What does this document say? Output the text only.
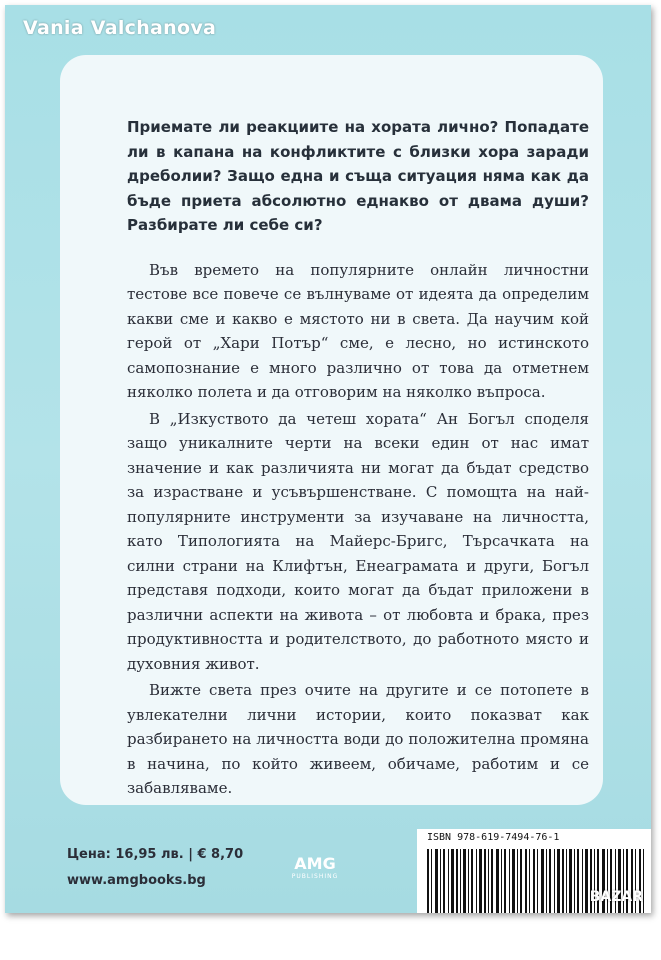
Приемате ли реакциите на хората лично? Попадате ли в капана на конфликтите с близки хора заради дреболии? Защо една и съща ситуация няма как да бъде приета абсолютно еднакво от двама души? Разбирате ли себе си?

Във времето на популярните онлайн личностни тестове все повече се вълнуваме от идеята да определим какви сме и какво е мястото ни в света. Да научим кой герой от „Хари Потър“ сме, е лесно, но истинското самопознание е много различно от това да отметнем няколко полета и да отговорим на няколко въпроса.

В „Изкуството да четеш хората“ Ан Богъл споделя защо уникалните черти на всеки един от нас имат значение и как различията ни могат да бъдат средство за израстване и усъвършенстване. С помощта на най-популярните инструменти за изучаване на личността, като Типологията на Майерс-Бригс, Търсачката на силни страни на Клифтън, Енеаграмата и други, Богъл представя подходи, които могат да бъдат приложени в различни аспекти на живота – от любовта и брака, през продуктивността и родителството, до работното място и духовния живот.

Вижте света през очите на другите и се потопете в увлекателни лични истории, които показват как разбирането на личността води до положителна промяна в начина, по който живеем, обичаме, работим и се забавляваме.

Цена: 16,95 лв. | € 8,70
www.amgbooks.bg
AMG
PUBLISHING
ISBN 978-619-7494-76-1
Vania Valchanova
BAZAR
